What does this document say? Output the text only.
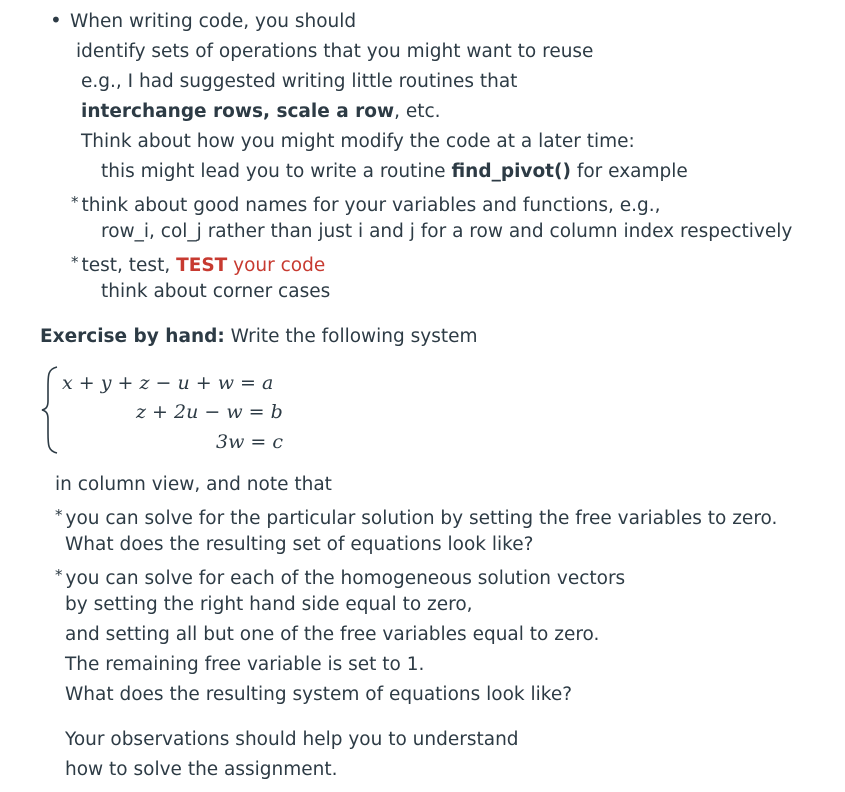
• When writing code, you should
identify sets of operations that you might want to reuse
e.g., I had suggested writing little routines that
interchange rows, scale a row, etc.
Think about how you might modify the code at a later time:
this might lead you to write a routine find_pivot() for example
* think about good names for your variables and functions, e.g.,
row_i, col_j rather than just i and j for a row and column index respectively
* test, test, TEST your code
think about corner cases
Exercise by hand: Write the following system
x + y + z − u + w = a
z + 2u − w = b
3w = c
in column view, and note that
* you can solve for the particular solution by setting the free variables to zero.
What does the resulting set of equations look like?
* you can solve for each of the homogeneous solution vectors
by setting the right hand side equal to zero,
and setting all but one of the free variables equal to zero.
The remaining free variable is set to 1.
What does the resulting system of equations look like?
Your observations should help you to understand
how to solve the assignment.
